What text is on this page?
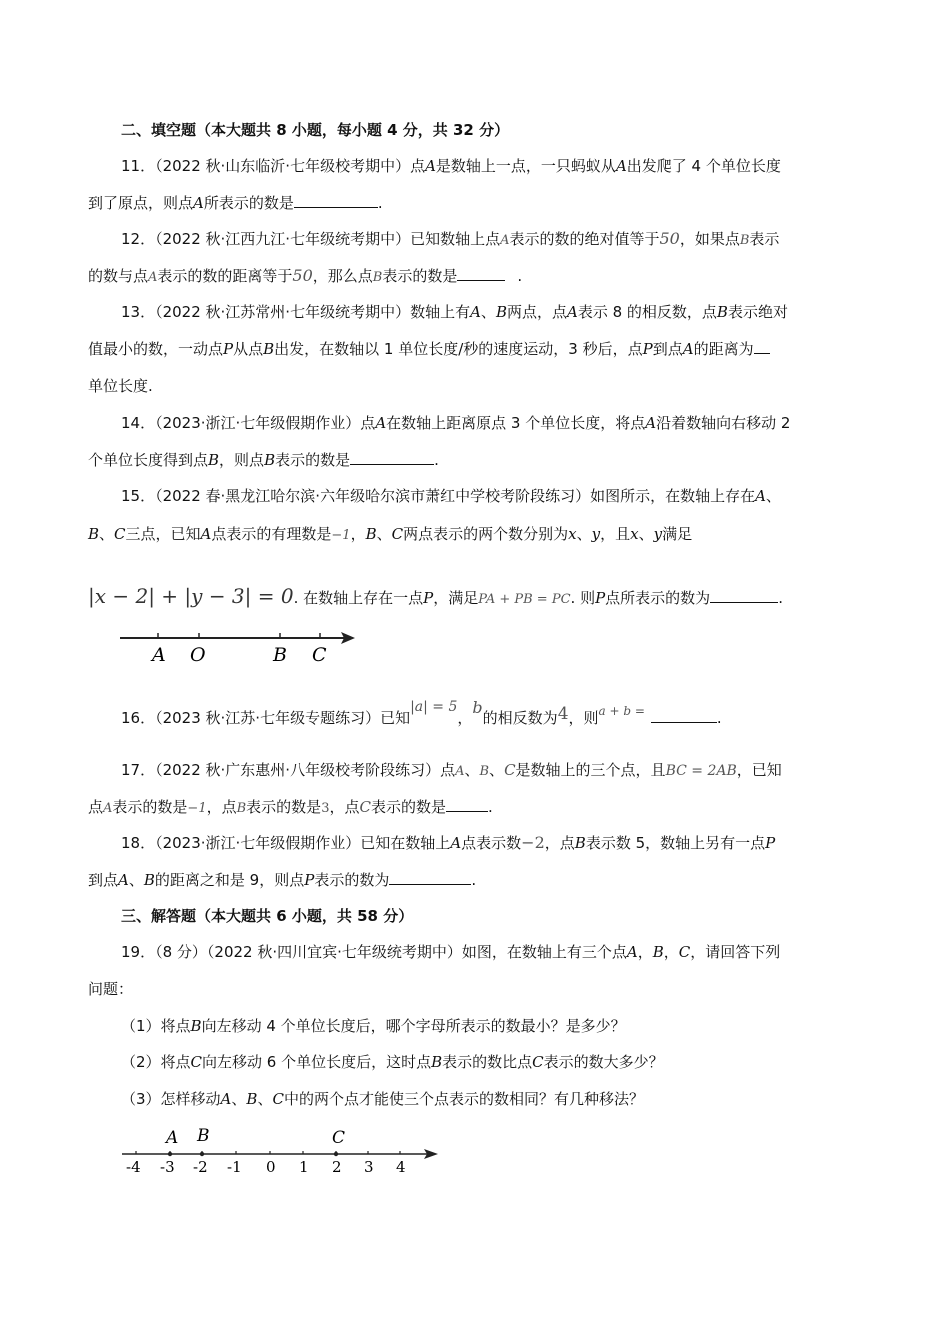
二、填空题（本大题共 8 小题，每小题 4 分，共 32 分）
11．（2022 秋·山东临沂·七年级校考期中）点A是数轴上一点，一只蚂蚁从A出发爬了 4 个单位长度
到了原点，则点A所表示的数是	.
12．（2022 秋·江西九江·七年级统考期中）已知数轴上点A表示的数的绝对值等于50，如果点B表示
的数与点A表示的数的距离等于50，那么点B表示的数是	.
13．（2022 秋·江苏常州·七年级统考期中）数轴上有A、B两点，点A表示 8 的相反数，点B表示绝对
值最小的数，一动点P从点B出发，在数轴以 1 单位长度/秒的速度运动，3 秒后，点P到点A的距离为
单位长度.
14．（2023·浙江·七年级假期作业）点A在数轴上距离原点 3 个单位长度，将点A沿着数轴向右移动 2
个单位长度得到点B，则点B表示的数是	.
15．（2022 春·黑龙江哈尔滨·六年级哈尔滨市萧红中学校考阶段练习）如图所示，在数轴上存在A、
B、C三点，已知A点表示的有理数是−1，B、C两点表示的两个数分别为x、y，且x、y满足
|x − 2| + |y − 3| = 0. 在数轴上存在一点P，满足PA + PB = PC. 则P点所表示的数为	.
A O	B C
16．（2023 秋·江苏·七年级专题练习）已知|a| = 5，b的相反数为4，则$^{a + b =}$	.
17．（2022 秋·广东惠州·八年级校考阶段练习）点A、B、C是数轴上的三个点，且BC = 2AB，已知
点A表示的数是−1，点B表示的数是3，点C表示的数是	.
18．（2023·浙江·七年级假期作业）已知在数轴上A点表示数−2，点B表示数 5，数轴上另有一点P
到点A、B的距离之和是 9，则点P表示的数为	.
三、解答题（本大题共 6 小题，共 58 分）
19．（8 分）（2022 秋·四川宜宾·七年级统考期中）如图，在数轴上有三个点A，B，C，请回答下列
问题：
（1）将点B向左移动 4 个单位长度后，哪个字母所表示的数最小？是多少？
（2）将点C向左移动 6 个单位长度后，这时点B表示的数比点C表示的数大多少？
（3）怎样移动A、B、C中的两个点才能使三个点表示的数相同？有几种移法？
A B	C
-4 -3 -2 -1 0 1 2 3 4
